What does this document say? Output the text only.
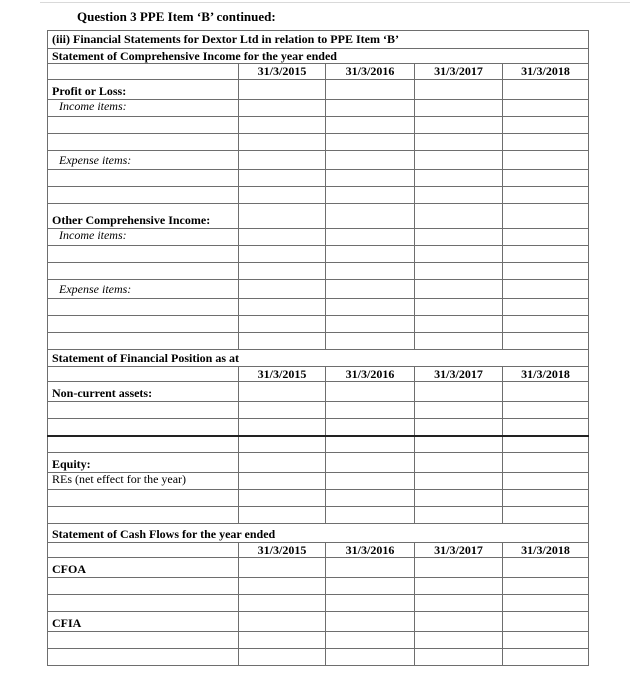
Question 3 PPE Item ‘B’ continued:
(iii) Financial Statements for Dextor Ltd in relation to PPE Item ‘B’				
Statement of Comprehensive Income for the year ended				
	31/3/2015	31/3/2016	31/3/2017	31/3/2018
Profit or Loss:				
Income items:				

Expense items:				

Other Comprehensive Income:				
Income items:				

Expense items:				

Statement of Financial Position as at				
	31/3/2015	31/3/2016	31/3/2017	31/3/2018
Non-current assets:				

Equity:				
REs (net effect for the year)				

Statement of Cash Flows for the year ended				
	31/3/2015	31/3/2016	31/3/2017	31/3/2018
CFOA				

CFIA				
